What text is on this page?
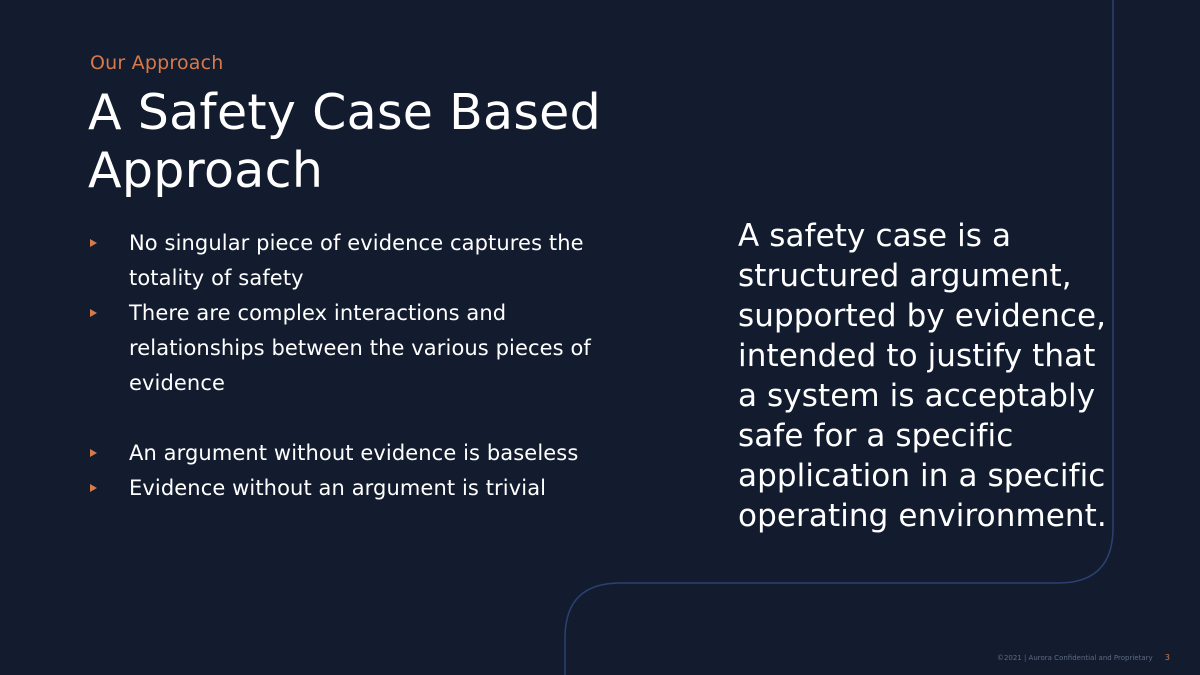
Our Approach
A Safety Case Based Approach
No singular piece of evidence captures the totality of safety
There are complex interactions and relationships between the various pieces of evidence
An argument without evidence is baseless
Evidence without an argument is trivial

A safety case is a structured argument, supported by evidence, intended to justify that a system is acceptably safe for a specific application in a specific operating environment.

©2021 | Aurora Confidential and Proprietary 3
